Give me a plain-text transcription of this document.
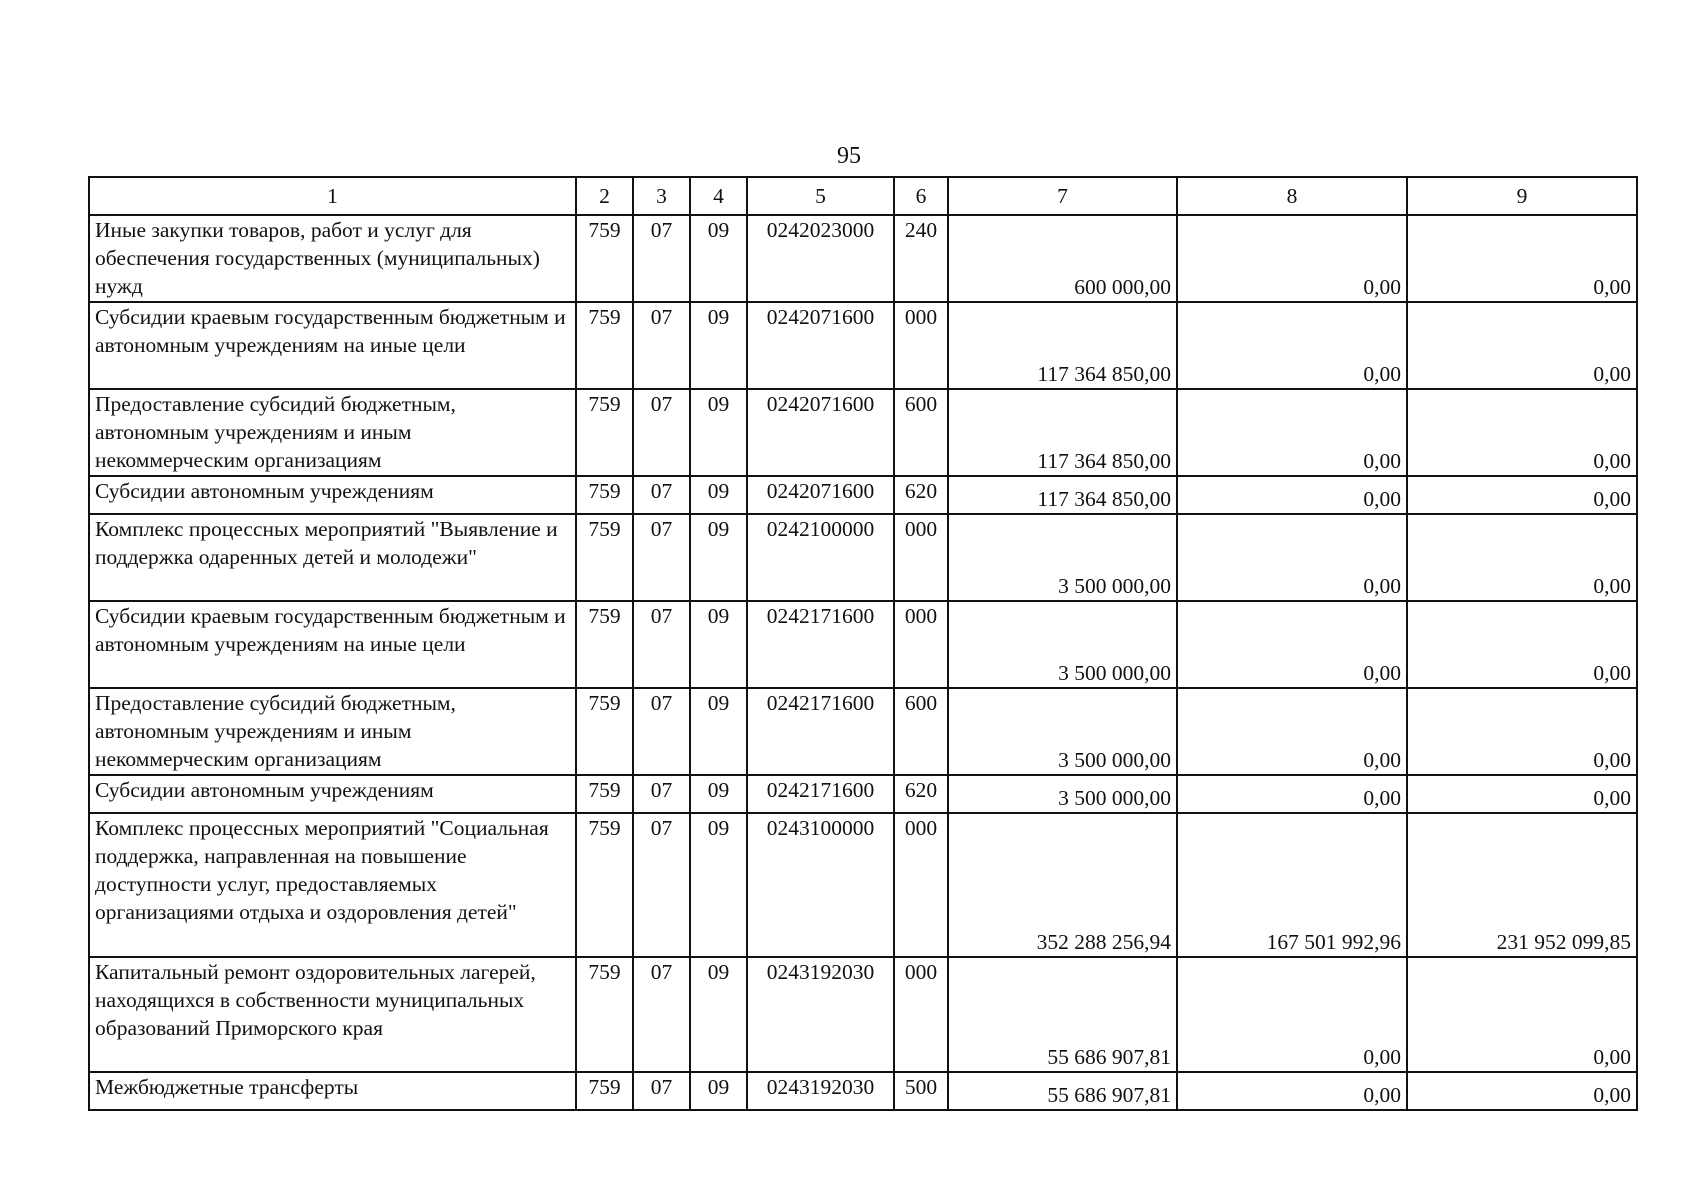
95
1	2	3	4	5	6	7	8	9
Иные закупки товаров, работ и услуг для обеспечения государственных (муниципальных) нужд	759	07	09	0242023000	240	600 000,00	0,00	0,00
Субсидии краевым государственным бюджетным и автономным учреждениям на иные цели	759	07	09	0242071600	000	117 364 850,00	0,00	0,00
Предоставление субсидий бюджетным, автономным учреждениям и иным некоммерческим организациям	759	07	09	0242071600	600	117 364 850,00	0,00	0,00
Субсидии автономным учреждениям	759	07	09	0242071600	620	117 364 850,00	0,00	0,00
Комплекс процессных мероприятий "Выявление и поддержка одаренных детей и молодежи"	759	07	09	0242100000	000	3 500 000,00	0,00	0,00
Субсидии краевым государственным бюджетным и автономным учреждениям на иные цели	759	07	09	0242171600	000	3 500 000,00	0,00	0,00
Предоставление субсидий бюджетным, автономным учреждениям и иным некоммерческим организациям	759	07	09	0242171600	600	3 500 000,00	0,00	0,00
Субсидии автономным учреждениям	759	07	09	0242171600	620	3 500 000,00	0,00	0,00
Комплекс процессных мероприятий "Социальная поддержка, направленная на повышение доступности услуг, предоставляемых организациями отдыха и оздоровления детей"	759	07	09	0243100000	000	352 288 256,94	167 501 992,96	231 952 099,85
Капитальный ремонт оздоровительных лагерей, находящихся в собственности муниципальных образований Приморского края	759	07	09	0243192030	000	55 686 907,81	0,00	0,00
Межбюджетные трансферты	759	07	09	0243192030	500	55 686 907,81	0,00	0,00
